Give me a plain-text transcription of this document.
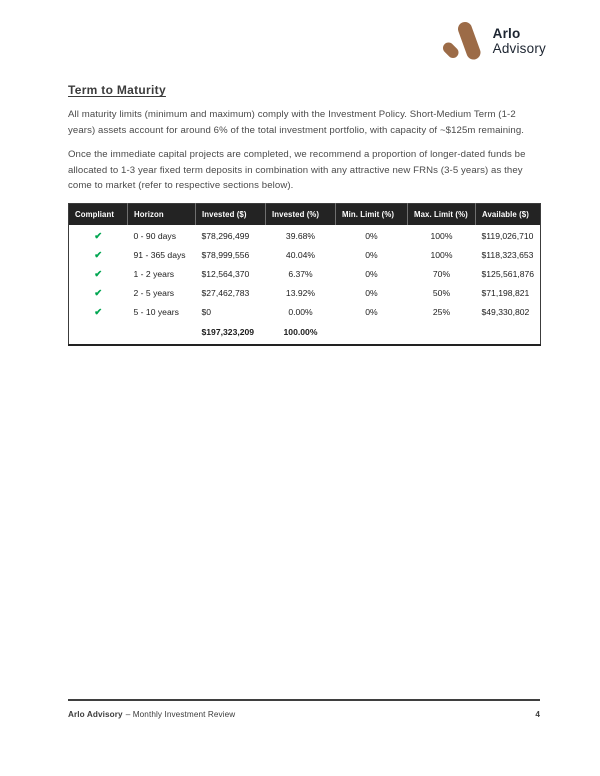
Arlo
Advisory
Term to Maturity

All maturity limits (minimum and maximum) comply with the Investment Policy. Short-Medium Term (1-2 years) assets account for around 6% of the total investment portfolio, with capacity of ~$125m remaining.

Once the immediate capital projects are completed, we recommend a proportion of longer-dated funds be allocated to 1-3 year fixed term deposits in combination with any attractive new FRNs (3-5 years) as they come to market (refer to respective sections below).

Compliant	Horizon	Invested ($)	Invested (%)	Min. Limit (%)	Max. Limit (%)	Available ($)
✔	0 - 90 days	$78,296,499	39.68%	0%	100%	$119,026,710
✔	91 - 365 days	$78,999,556	40.04%	0%	100%	$118,323,653
✔	1 - 2 years	$12,564,370	6.37%	0%	70%	$125,561,876
✔	2 - 5 years	$27,462,783	13.92%	0%	50%	$71,198,821
✔	5 - 10 years	$0	0.00%	0%	25%	$49,330,802
		$197,323,209	100.00%			
Arlo Advisory – Monthly Investment Review	4
